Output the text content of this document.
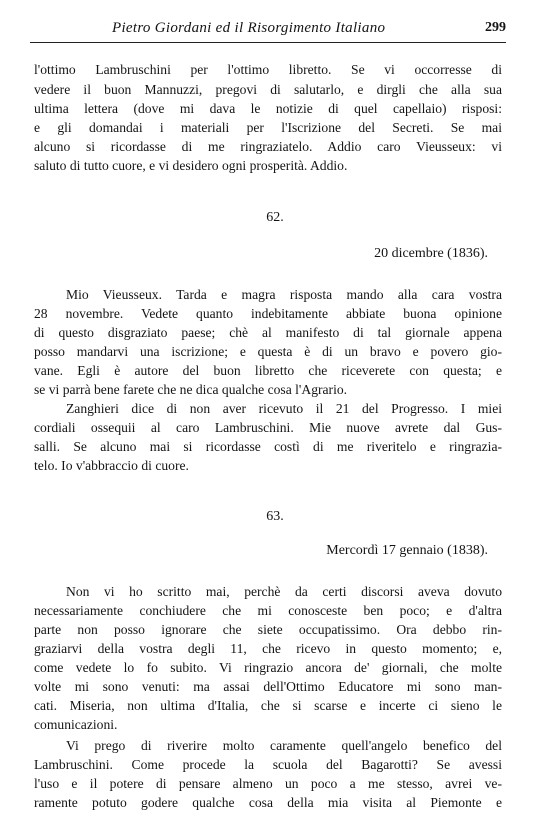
Pietro Giordani ed il Risorgimento Italiano	299
l'ottimo Lambruschini per l'ottimo libretto. Se vi occorresse di
vedere il buon Mannuzzi, pregovi di salutarlo, e dirgli che alla sua
ultima lettera (dove mi dava le notizie di quel capellaio) risposi:
e gli domandai i materiali per l'Iscrizione del Secreti. Se mai
alcuno si ricordasse di me ringraziatelo. Addio caro Vieusseux: vi
saluto di tutto cuore, e vi desidero ogni prosperità. Addio.
62.
20 dicembre (1836).
Mio Vieusseux. Tarda e magra risposta mando alla cara vostra
28 novembre. Vedete quanto indebitamente abbiate buona opinione
di questo disgraziato paese; chè al manifesto di tal giornale appena
posso mandarvi una iscrizione; e questa è di un bravo e povero gio-
vane. Egli è autore del buon libretto che riceverete con questa; e
se vi parrà bene farete che ne dica qualche cosa l'Agrario.
Zanghieri dice di non aver ricevuto il 21 del Progresso. I miei
cordiali ossequii al caro Lambruschini. Mie nuove avrete dal Gus-
salli. Se alcuno mai si ricordasse costì di me riveritelo e ringrazia-
telo. Io v'abbraccio di cuore.
63.
Mercordì 17 gennaio (1838).
Non vi ho scritto mai, perchè da certi discorsi aveva dovuto
necessariamente conchiudere che mi conosceste ben poco; e d'altra
parte non posso ignorare che siete occupatissimo. Ora debbo rin-
graziarvi della vostra degli 11, che ricevo in questo momento; e,
come vedete lo fo subito. Vi ringrazio ancora de' giornali, che molte
volte mi sono venuti: ma assai dell'Ottimo Educatore mi sono man-
cati. Miseria, non ultima d'Italia, che si scarse e incerte ci sieno le
comunicazioni.
Vi prego di riverire molto caramente quell'angelo benefico del
Lambruschini. Come procede la scuola del Bagarotti? Se avessi
l'uso e il potere di pensare almeno un poco a me stesso, avrei ve-
ramente potuto godere qualche cosa della mia visita al Piemonte e
